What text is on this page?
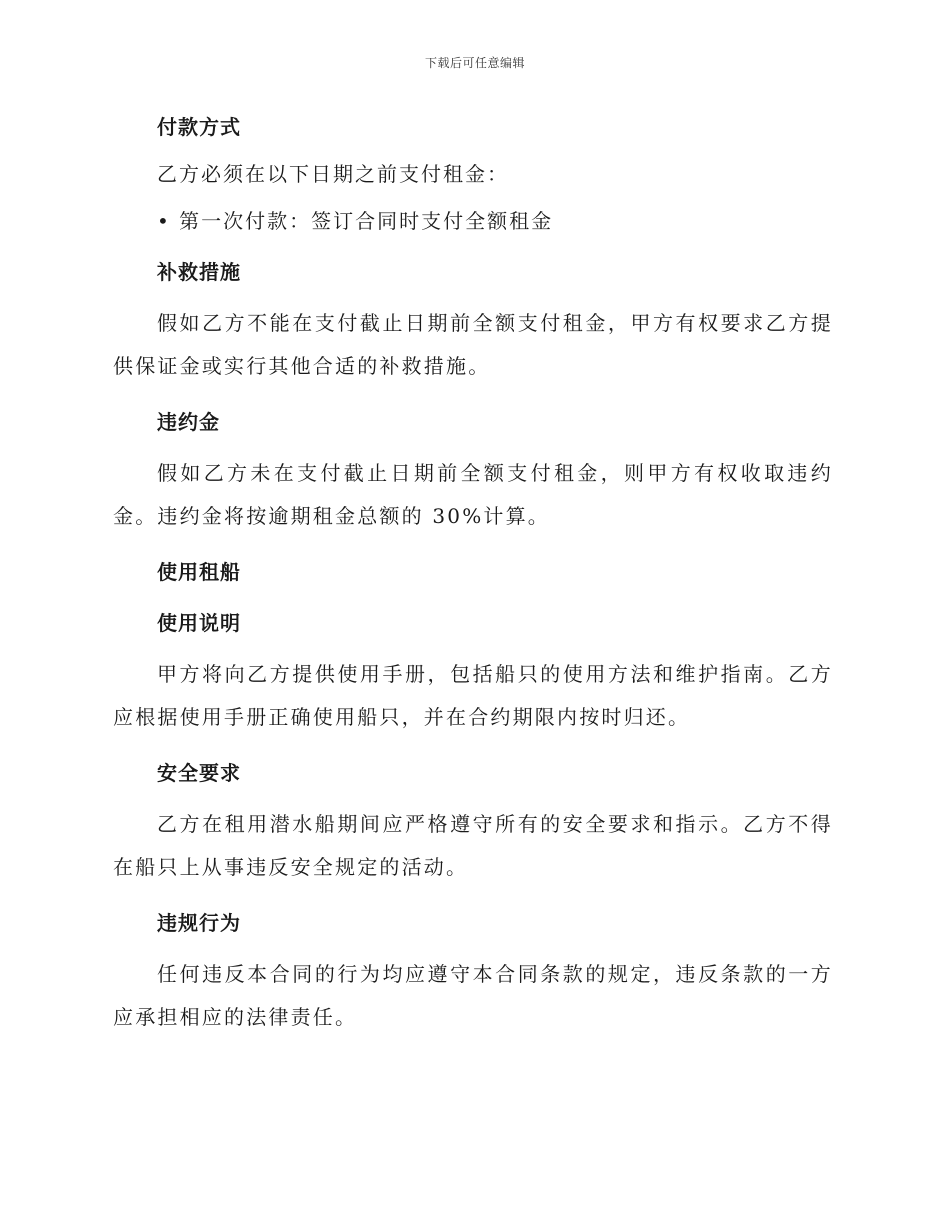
下载后可任意编辑

付款方式

乙方必须在以下日期之前支付租金：

• 第一次付款：签订合同时支付全额租金

补救措施

假如乙方不能在支付截止日期前全额支付租金，甲方有权要求乙方提供保证金或实行其他合适的补救措施。

违约金

假如乙方未在支付截止日期前全额支付租金，则甲方有权收取违约金。违约金将按逾期租金总额的 30%计算。

使用租船

使用说明

甲方将向乙方提供使用手册，包括船只的使用方法和维护指南。乙方应根据使用手册正确使用船只，并在合约期限内按时归还。

安全要求

乙方在租用潜水船期间应严格遵守所有的安全要求和指示。乙方不得在船只上从事违反安全规定的活动。

违规行为

任何违反本合同的行为均应遵守本合同条款的规定，违反条款的一方应承担相应的法律责任。
